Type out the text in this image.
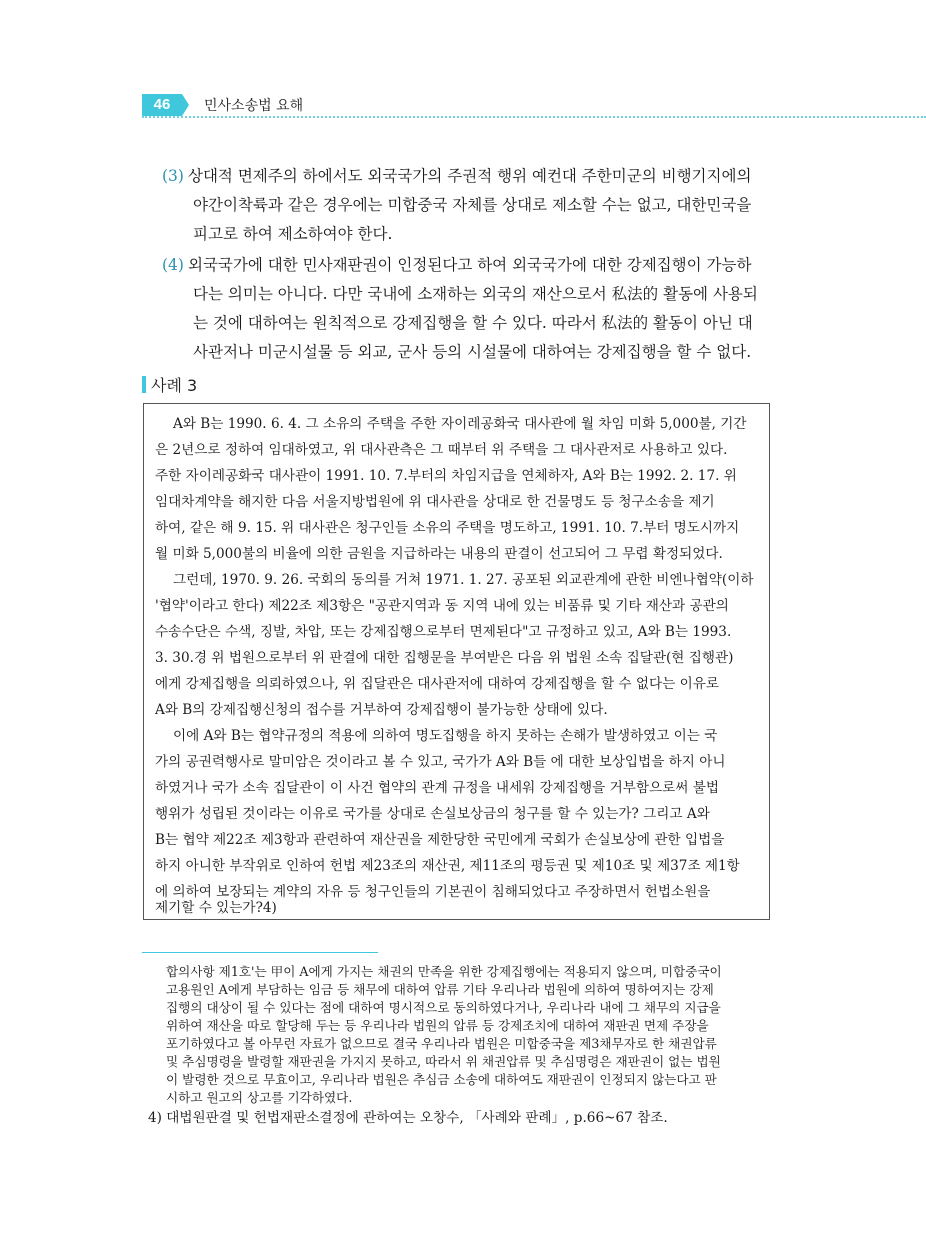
46	민사소송법 요해
(3) 상대적 면제주의 하에서도 외국국가의 주권적 행위 예컨대 주한미군의 비행기지에의
야간이착륙과 같은 경우에는 미합중국 자체를 상대로 제소할 수는 없고, 대한민국을
피고로 하여 제소하여야 한다.
(4) 외국국가에 대한 민사재판권이 인정된다고 하여 외국국가에 대한 강제집행이 가능하
다는 의미는 아니다. 다만 국내에 소재하는 외국의 재산으로서 私法的 활동에 사용되
는 것에 대하여는 원칙적으로 강제집행을 할 수 있다. 따라서 私法的 활동이 아닌 대
사관저나 미군시설물 등 외교, 군사 등의 시설물에 대하여는 강제집행을 할 수 없다.
사례 3
A와 B는 1990. 6. 4. 그 소유의 주택을 주한 자이레공화국 대사관에 월 차임 미화 5,000불, 기간
은 2년으로 정하여 임대하였고, 위 대사관측은 그 때부터 위 주택을 그 대사관저로 사용하고 있다.
주한 자이레공화국 대사관이 1991. 10. 7.부터의 차임지급을 연체하자, A와 B는 1992. 2. 17. 위
임대차계약을 해지한 다음 서울지방법원에 위 대사관을 상대로 한 건물명도 등 청구소송을 제기
하여, 같은 해 9. 15. 위 대사관은 청구인들 소유의 주택을 명도하고, 1991. 10. 7.부터 명도시까지
월 미화 5,000불의 비율에 의한 금원을 지급하라는 내용의 판결이 선고되어 그 무렵 확정되었다.
그런데, 1970. 9. 26. 국회의 동의를 거쳐 1971. 1. 27. 공포된 외교관계에 관한 비엔나협약(이하
'협약'이라고 한다) 제22조 제3항은 "공관지역과 동 지역 내에 있는 비품류 및 기타 재산과 공관의
수송수단은 수색, 징발, 차압, 또는 강제집행으로부터 면제된다"고 규정하고 있고, A와 B는 1993.
3. 30.경 위 법원으로부터 위 판결에 대한 집행문을 부여받은 다음 위 법원 소속 집달관(현 집행관)
에게 강제집행을 의뢰하였으나, 위 집달관은 대사관저에 대하여 강제집행을 할 수 없다는 이유로
A와 B의 강제집행신청의 접수를 거부하여 강제집행이 불가능한 상태에 있다.
이에 A와 B는 협약규정의 적용에 의하여 명도집행을 하지 못하는 손해가 발생하였고 이는 국
가의 공권력행사로 말미암은 것이라고 볼 수 있고, 국가가 A와 B들 에 대한 보상입법을 하지 아니
하였거나 국가 소속 집달관이 이 사건 협약의 관계 규정을 내세워 강제집행을 거부함으로써 불법
행위가 성립된 것이라는 이유로 국가를 상대로 손실보상금의 청구를 할 수 있는가? 그리고 A와
B는 협약 제22조 제3항과 관련하여 재산권을 제한당한 국민에게 국회가 손실보상에 관한 입법을
하지 아니한 부작위로 인하여 헌법 제23조의 재산권, 제11조의 평등권 및 제10조 및 제37조 제1항
에 의하여 보장되는 계약의 자유 등 청구인들의 기본권이 침해되었다고 주장하면서 헌법소원을
제기할 수 있는가?4)
합의사항 제1호'는 甲이 A에게 가지는 채권의 만족을 위한 강제집행에는 적용되지 않으며, 미합중국이
고용원인 A에게 부담하는 임금 등 채무에 대하여 압류 기타 우리나라 법원에 의하여 명하여지는 강제
집행의 대상이 될 수 있다는 점에 대하여 명시적으로 동의하였다거나, 우리나라 내에 그 채무의 지급을
위하여 재산을 따로 할당해 두는 등 우리나라 법원의 압류 등 강제조치에 대하여 재판권 면제 주장을
포기하였다고 볼 아무런 자료가 없으므로 결국 우리나라 법원은 미합중국을 제3채무자로 한 채권압류
및 추심명령을 발령할 재판권을 가지지 못하고, 따라서 위 채권압류 및 추심명령은 재판권이 없는 법원
이 발령한 것으로 무효이고, 우리나라 법원은 추심금 소송에 대하여도 재판권이 인정되지 않는다고 판
시하고 원고의 상고를 기각하였다.
4) 대법원판결 및 헌법재판소결정에 관하여는 오창수, 「사례와 판례」, p.66~67 참조.
